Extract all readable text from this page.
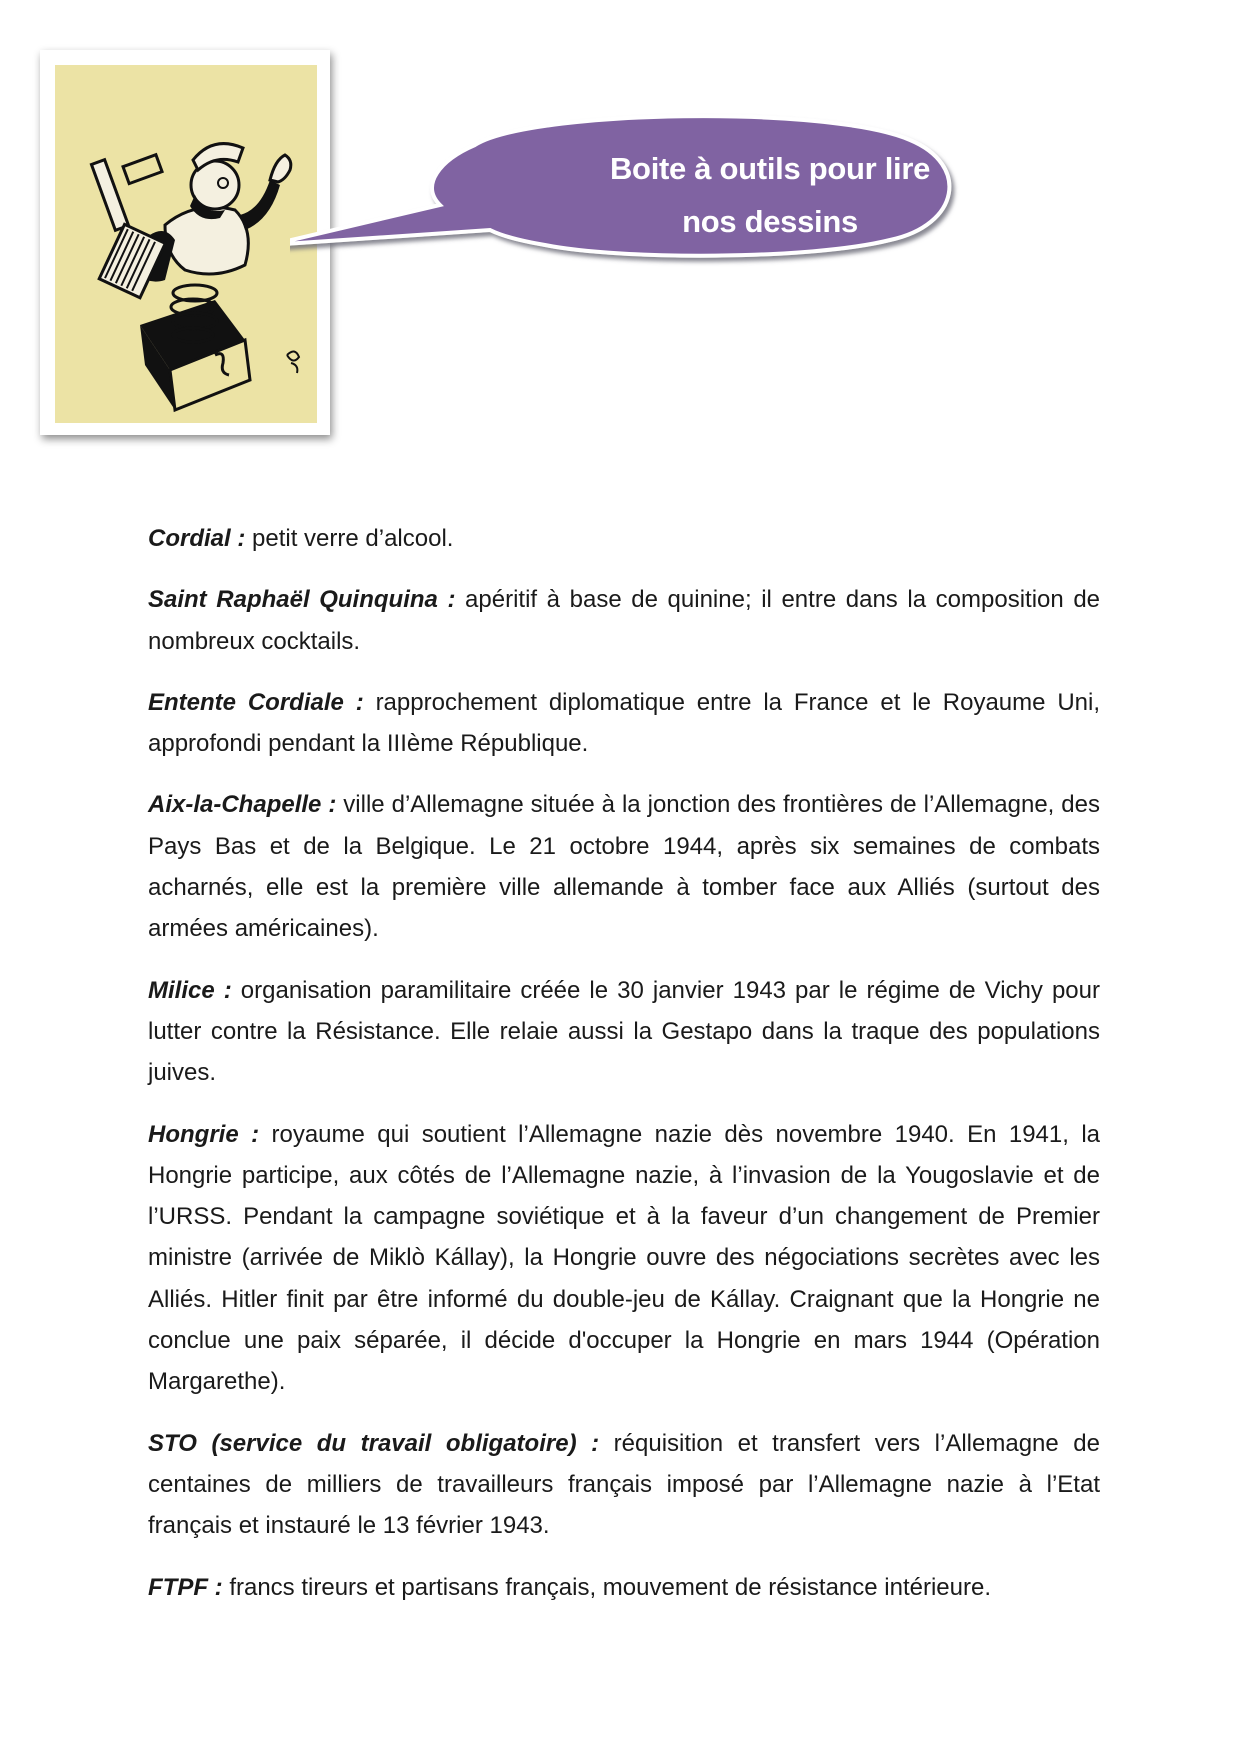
Boite à outils pour lire
nos dessins

Cordial : petit verre d’alcool.

Saint Raphaël Quinquina : apéritif à base de quinine; il entre dans la composition de nombreux cocktails.

Entente Cordiale : rapprochement diplomatique entre la France et le Royaume Uni, approfondi pendant la IIIème République.

Aix-la-Chapelle : ville d’Allemagne située à la jonction des frontières de l’Allemagne, des Pays Bas et de la Belgique. Le 21 octobre 1944, après six semaines de combats acharnés, elle est la première ville allemande à tomber face aux Alliés (surtout des armées américaines).

Milice : organisation paramilitaire créée le 30 janvier 1943 par le régime de Vichy pour lutter contre la Résistance. Elle relaie aussi la Gestapo dans la traque des populations juives.

Hongrie : royaume qui soutient l’Allemagne nazie dès novembre 1940. En 1941, la Hongrie participe, aux côtés de l’Allemagne nazie, à l’invasion de la Yougoslavie et de l’URSS. Pendant la campagne soviétique et à la faveur d’un changement de Premier ministre (arrivée de Miklò Kállay), la Hongrie ouvre des négociations secrètes avec les Alliés. Hitler finit par être informé du double-jeu de Kállay. Craignant que la Hongrie ne conclue une paix séparée, il décide d'occuper la Hongrie en mars 1944 (Opération Margarethe).

STO (service du travail obligatoire) : réquisition et transfert vers l’Allemagne de centaines de milliers de travailleurs français imposé par l’Allemagne nazie à l’Etat français et instauré le 13 février 1943.

FTPF : francs tireurs et partisans français, mouvement de résistance intérieure.
